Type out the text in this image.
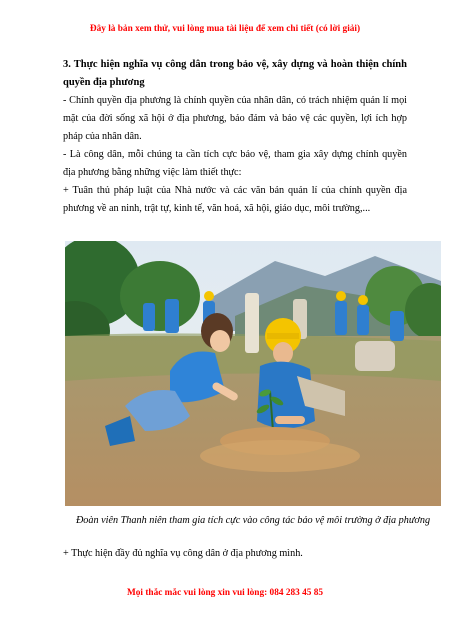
Đây là bản xem thử, vui lòng mua tài liệu để xem chi tiết (có lời giải)

3. Thực hiện nghĩa vụ công dân trong bảo vệ, xây dựng và hoàn thiện chính quyền địa phương

- Chính quyền địa phương là chính quyền của nhân dân, có trách nhiệm quản lí mọi mặt của đời sống xã hội ở địa phương, bảo đảm và bảo vệ các quyền, lợi ích hợp pháp của nhân dân.

- Là công dân, mỗi chúng ta cần tích cực bảo vệ, tham gia xây dựng chính quyền địa phương bằng những việc làm thiết thực:

+ Tuân thủ pháp luật của Nhà nước và các văn bản quản lí của chính quyền địa phương về an ninh, trật tự, kinh tế, văn hoá, xã hội, giáo dục, môi trường,...

Đoàn viên Thanh niên tham gia tích cực vào công tác bảo vệ môi trường ở địa phương
+ Thực hiện đầy đủ nghĩa vụ công dân ở địa phương mình.
Mọi thắc mắc vui lòng xin vui lòng: 084 283 45 85
